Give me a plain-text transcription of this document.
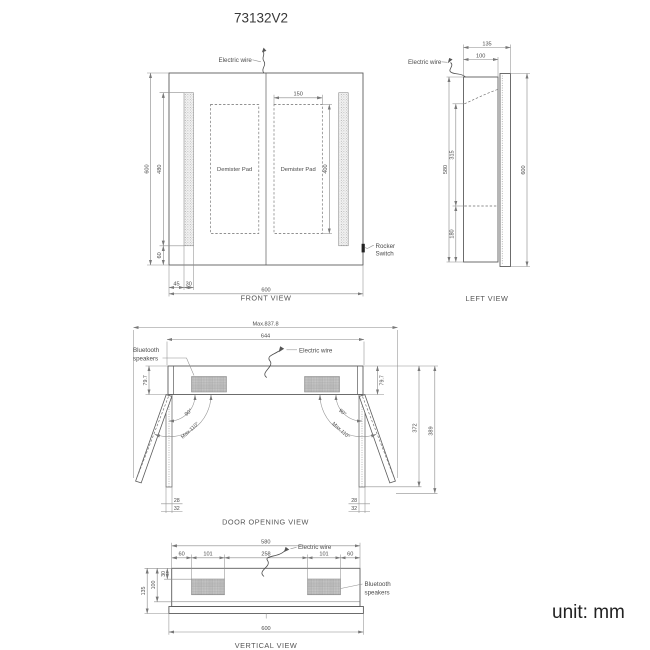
73132V2
Demister Pad	Demister Pad
Electric wire
Rocker
Switch
600 480
60
45 30
600
150
400
FRONT VIEW
Electric wire
135
100
580
315
180
600
LEFT VIEW
Max.837.8
644
90°
Max.110°
90°
Max.110°
79.7	79.7
372 389
28
32
28
32
Bluetooth
speakers
Electric wire
DOOR OPENING VIEW
580
60	101	258	101	60
30
100
135
600
Electric wire
Bluetooth
speakers
VERTICAL VIEW
unit: mm
